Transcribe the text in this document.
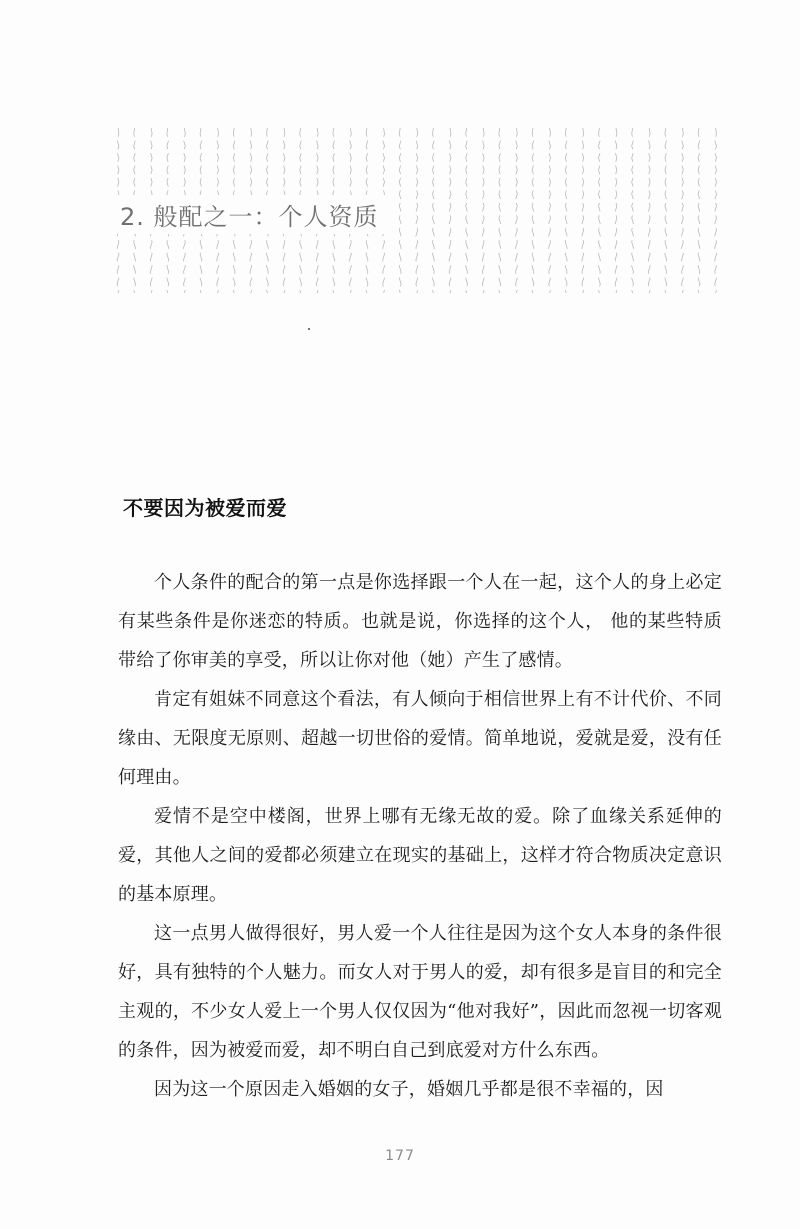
2. 般配之一：个人资质
不要因为被爱而爱

个人条件的配合的第一点是你选择跟一个人在一起，这个人的身上必定有某些条件是你迷恋的特质。也就是说，你选择的这个人， 他的某些特质带给了你审美的享受，所以让你对他（她）产生了感情。

肯定有姐妹不同意这个看法，有人倾向于相信世界上有不计代价、不同缘由、无限度无原则、超越一切世俗的爱情。简单地说，爱就是爱，没有任何理由。

爱情不是空中楼阁，世界上哪有无缘无故的爱。除了血缘关系延伸的爱，其他人之间的爱都必须建立在现实的基础上，这样才符合物质决定意识的基本原理。

这一点男人做得很好，男人爱一个人往往是因为这个女人本身的条件很好，具有独特的个人魅力。而女人对于男人的爱，却有很多是盲目的和完全主观的，不少女人爱上一个男人仅仅因为“他对我好”，因此而忽视一切客观的条件，因为被爱而爱，却不明白自己到底爱对方什么东西。

因为这一个原因走入婚姻的女子，婚姻几乎都是很不幸福的，因

177
